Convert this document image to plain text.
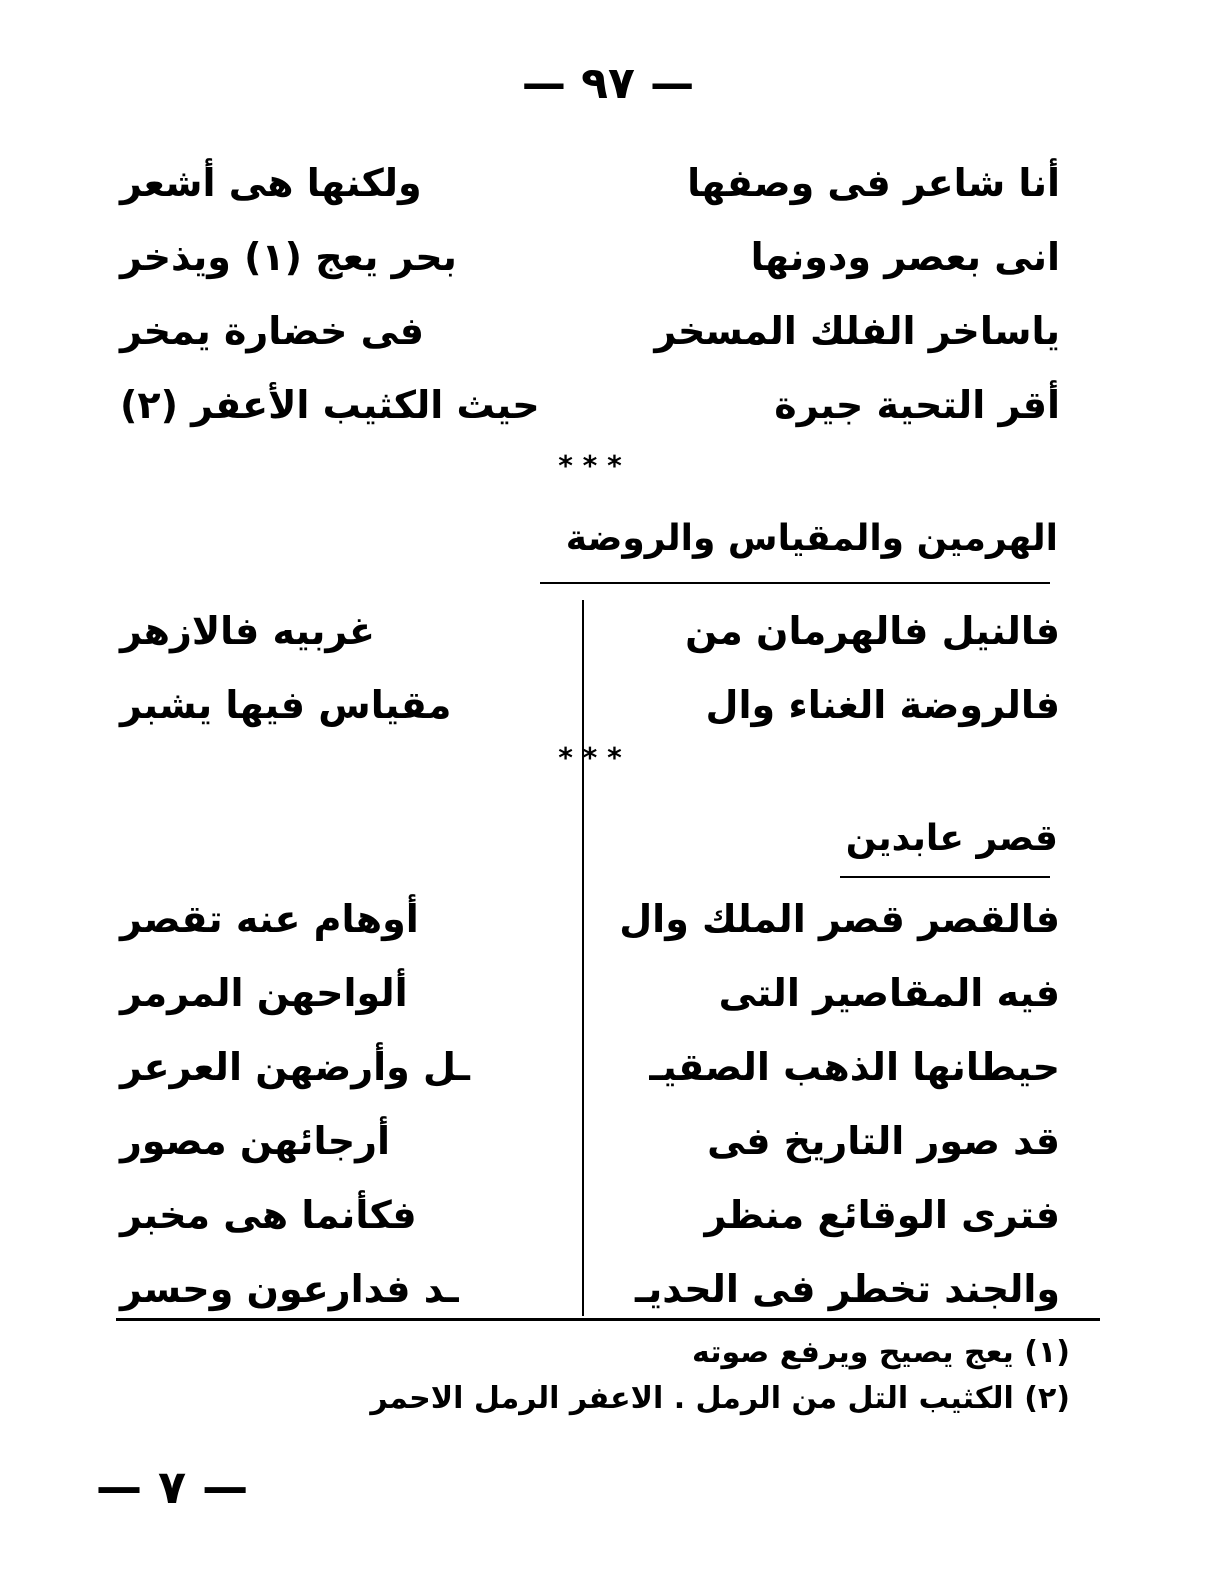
— ٩٧ —
أنا شاعر فى وصفها
ولكنها هى أشعر
انى بعصر ودونها
بحر يعج (١) ويذخر
ياساخر الفلك المسخر
فى خضارة يمخر
أقر التحية جيرة
حيث الكثيب الأعفر (٢)
* * *
الهرمين والمقياس والروضة
فالنيل فالهرمان من
غربيه فالازهر
فالروضة الغناء وال
مقياس فيها يشبر
* * *
قصر عابدين
فالقصر قصر الملك وال
أوهام عنه تقصر
فيه المقاصير التى
ألواحهن المرمر
حيطانها الذهب الصقيـ
ـل وأرضهن العرعر
قد صور التاريخ فى
أرجائهن مصور
فترى الوقائع منظر
فكأنما هى مخبر
والجند تخطر فى الحديـ
ـد فدارعون وحسر
(١) يعج يصيح ويرفع صوته
(٢) الكثيب التل من الرمل . الاعفر الرمل الاحمر
— ٧ —
